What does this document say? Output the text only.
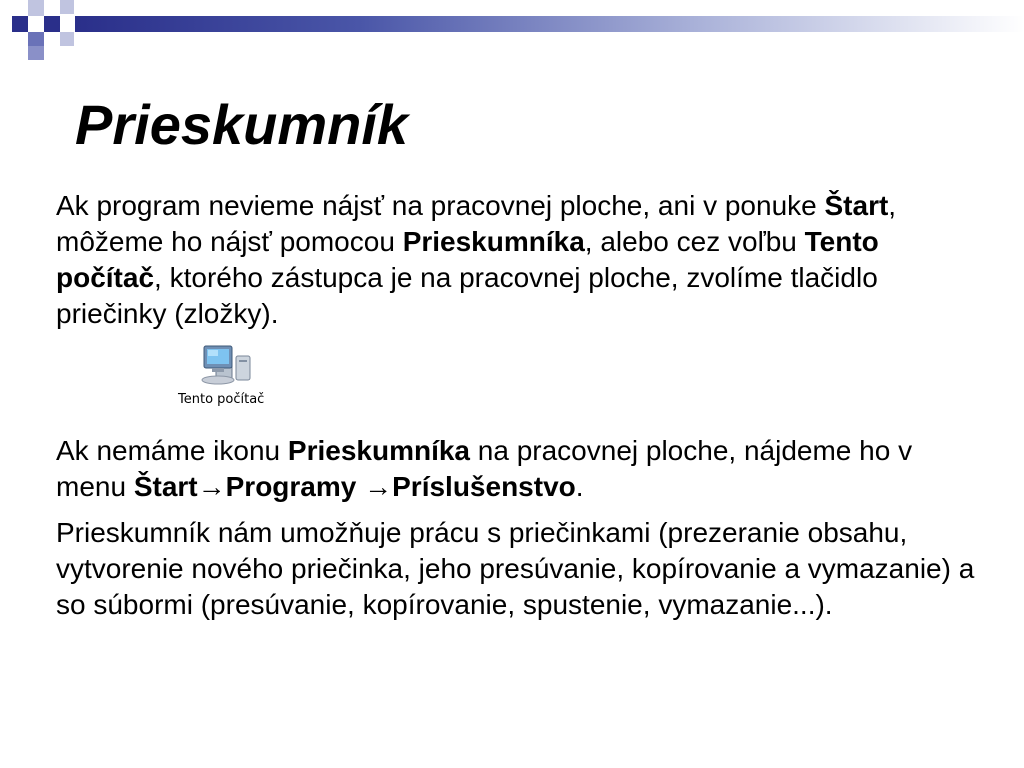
Prieskumník

Ak program nevieme nájsť na pracovnej ploche, ani v ponuke Štart, môžeme ho nájsť pomocou Prieskumníka, alebo cez voľbu Tento počítač, ktorého zástupca je na pracovnej ploche, zvolíme tlačidlo priečinky (zložky).

Tento počítač

Ak nemáme ikonu Prieskumníka na pracovnej ploche, nájdeme ho v menu Štart→Programy →Príslušenstvo.

Prieskumník nám umožňuje prácu s priečinkami (prezeranie obsahu, vytvorenie nového priečinka, jeho presúvanie, kopírovanie a vymazanie) a so súbormi (presúvanie, kopírovanie, spustenie, vymazanie...).
